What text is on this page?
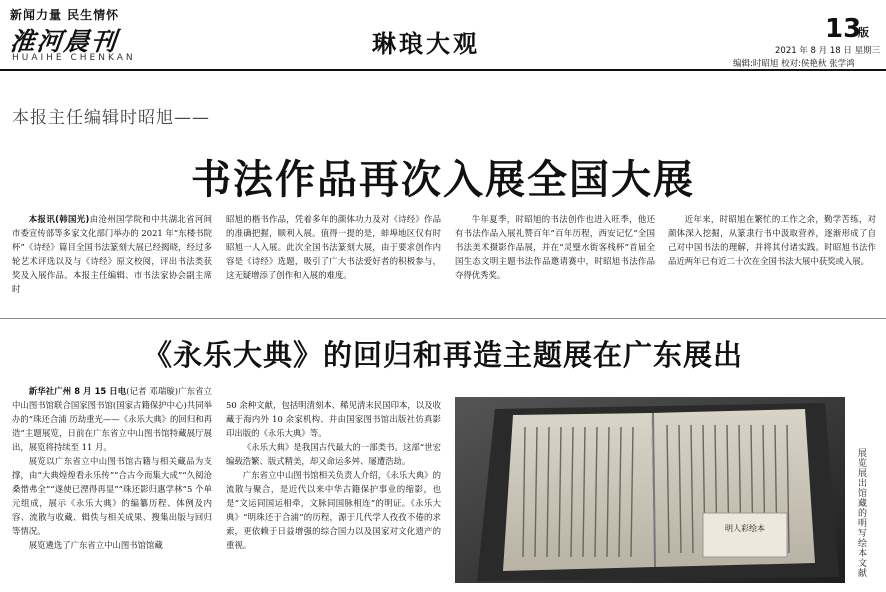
新闻力量 民生情怀
淮河晨刊
HUAIHE CHENKAN	琳琅大观	13
版
2021 年 8 月 18 日 星期三
编辑:时昭旭 校对:侯艳秋 张学鸿
本报主任编辑时昭旭——
书法作品再次入展全国大展
本报讯(韩国光)由沧州国学院和中共湖北省河间市委宣传部等多家文化部门举办的 2021 年“东楼书院杯”《诗经》篇目全国书法篆刻大展已经揭晓，经过多轮艺术评选以及与《诗经》原文校阅，评出书法类获奖及入展作品。本报主任编辑、市书法家协会副主席时
昭旭的楷书作品，凭着多年的颜体功力及对《诗经》作品的准确把握，顺利入展。值得一提的是，蚌埠地区仅有时昭旭一人入展。此次全国书法篆刻大展，由于要求创作内容是《诗经》选题，吸引了广大书法爱好者的积极参与，这无疑增添了创作和入展的难度。
牛年夏季，时昭旭的书法创作也进入旺季，他还有书法作品入展礼赞百年“百年历程，西安记忆”全国书法美术摄影作品展，并在“灵璧水街客栈杯”首届全国生态文明主题书法作品邀请赛中，时昭旭书法作品夺得优秀奖。
近年来，时昭旭在繁忙的工作之余，勤学苦练，对颜体深入挖掘，从篆隶行书中汲取营养，逐渐形成了自己对中国书法的理解，并将其付诸实践。时昭旭书法作品近两年已有近二十次在全国书法大展中获奖或入展。
《永乐大典》的回归和再造主题展在广东展出
新华社广州 8 月 15 日电(记者 邓瑞璇)广东省立中山图书馆联合国家图书馆(国家古籍保护中心)共同举办的“珠还合浦 历劫重光——《永乐大典》的回归和再造”主题展览，日前在广东省立中山图书馆特藏展厅展出，展览将持续至 11 月。
展览以广东省立中山图书馆古籍与相关藏品为支撑，由“大典煌煌看永乐传”“合古今而集大成”“久阅沧桑惜弗全”“遂使已湮得再显”“珠还影归惠学林”5 个单元组成，展示《永乐大典》的编纂历程、体例及内容、流散与收藏、辑佚与相关成果、搜集出版与回归等情况。
展览遴选了广东省立中山图书馆馆藏
50 余种文献，包括明清刻本、稀见清末民国印本，以及收藏于海内外 10 余家机构、并由国家图书馆出版社仿真影印出版的《永乐大典》等。
《永乐大典》是我国古代最大的一部类书。这部“世宏编载浩繁、版式精美，却又命运多舛、屡遭浩劫。
广东省立中山图书馆相关负责人介绍，《永乐大典》的流散与聚合，是近代以来中华古籍保护事业的缩影，也是“文运同国运相牵，文脉同国脉相连”的明证。《永乐大典》“明珠还于合浦”的历程，源于几代学人孜孜不倦的求索，更依赖于日益增强的综合国力以及国家对文化遗产的重视。
明人彩绘本	展览展出馆藏的明写绘本文献
